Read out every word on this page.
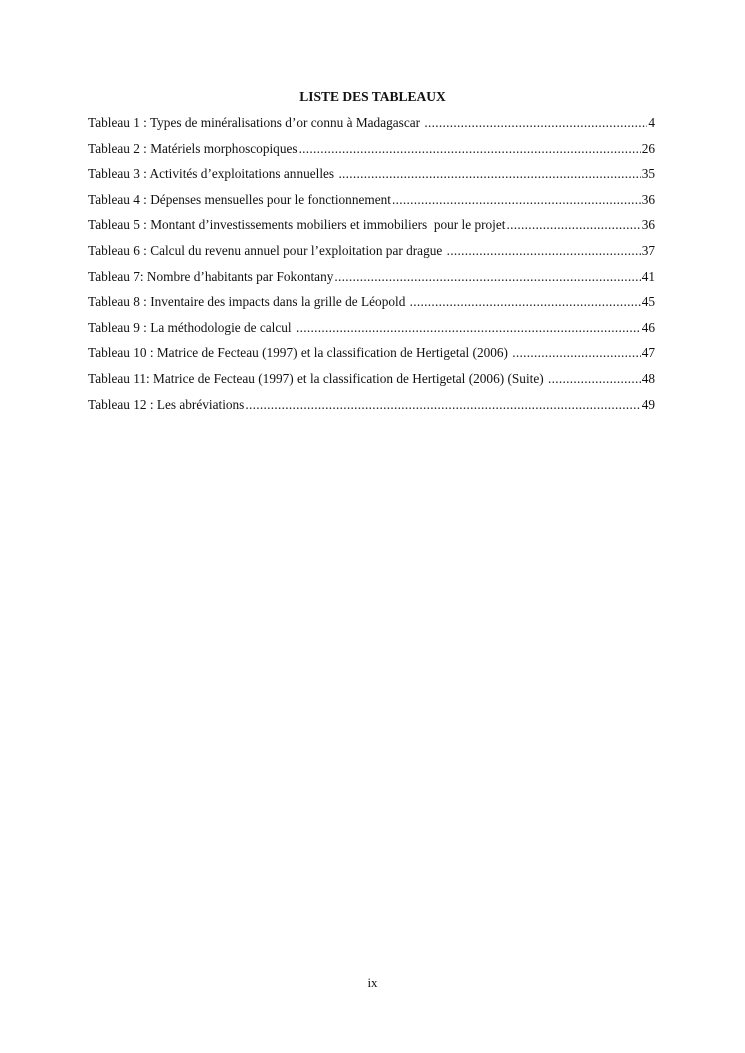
LISTE DES TABLEAUX
Tableau 1 : Types de minéralisations d’or connu à Madagascar .....	4
Tableau 2 : Matériels morphoscopiques .....	26
Tableau 3 : Activités d’exploitations annuelles .....	35
Tableau 4 : Dépenses mensuelles pour le fonctionnement .....	36
Tableau 5 : Montant d’investissements mobiliers et immobiliers  pour le projet .....	36
Tableau 6 : Calcul du revenu annuel pour l’exploitation par drague .....	37
Tableau 7: Nombre d’habitants par Fokontany .....	41
Tableau 8 : Inventaire des impacts dans la grille de Léopold .....	45
Tableau 9 : La méthodologie de calcul .....	46
Tableau 10 : Matrice de Fecteau (1997) et la classification de Hertigetal (2006) .....	47
Tableau 11: Matrice de Fecteau (1997) et la classification de Hertigetal (2006) (Suite) .....	48
Tableau 12 : Les abréviations .....	49
ix
